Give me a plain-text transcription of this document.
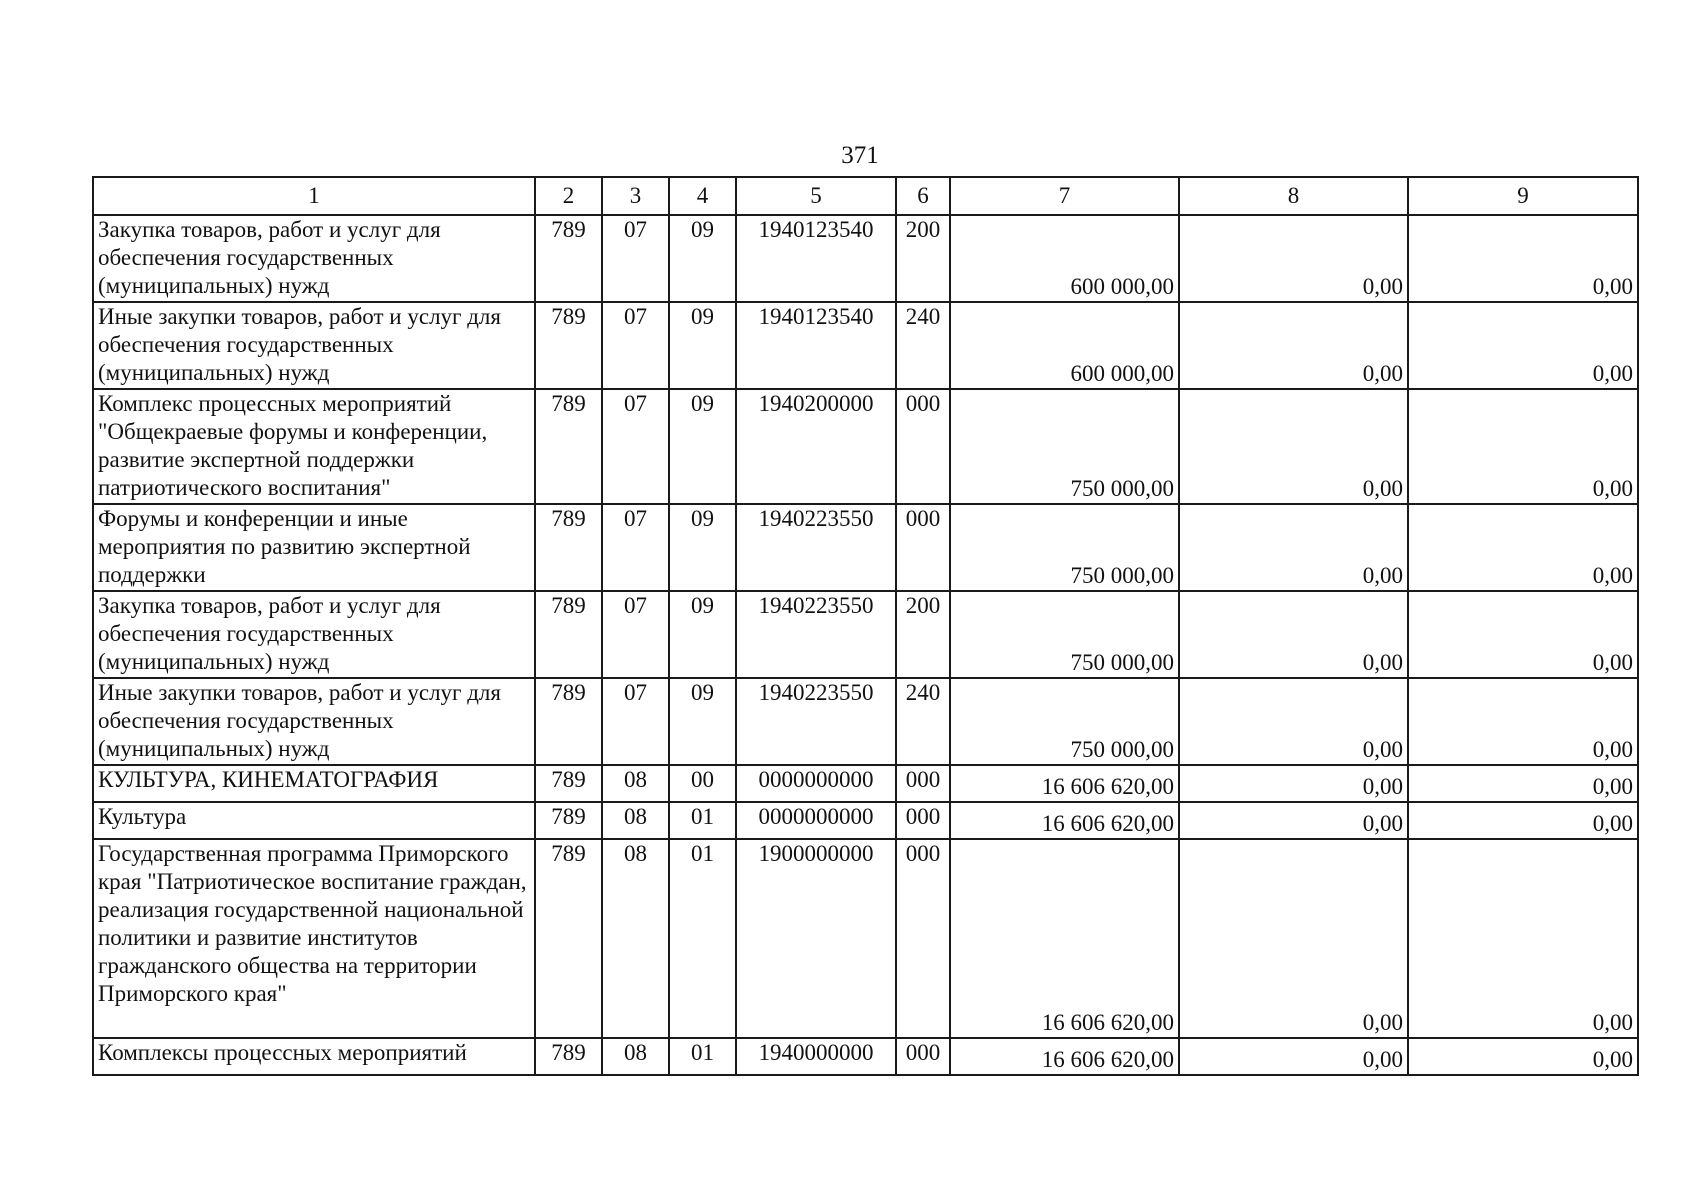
371
1	2	3	4	5	6	7	8	9
Закупка товаров, работ и услуг для обеспечения государственных (муниципальных) нужд	789	07	09	1940123540	200	600 000,00	0,00	0,00
Иные закупки товаров, работ и услуг для обеспечения государственных (муниципальных) нужд	789	07	09	1940123540	240	600 000,00	0,00	0,00
Комплекс процессных мероприятий "Общекраевые форумы и конференции, развитие экспертной поддержки патриотического воспитания"	789	07	09	1940200000	000	750 000,00	0,00	0,00
Форумы и конференции и иные мероприятия по развитию экспертной поддержки	789	07	09	1940223550	000	750 000,00	0,00	0,00
Закупка товаров, работ и услуг для обеспечения государственных (муниципальных) нужд	789	07	09	1940223550	200	750 000,00	0,00	0,00
Иные закупки товаров, работ и услуг для обеспечения государственных (муниципальных) нужд	789	07	09	1940223550	240	750 000,00	0,00	0,00
КУЛЬТУРА, КИНЕМАТОГРАФИЯ	789	08	00	0000000000	000	16 606 620,00	0,00	0,00
Культура	789	08	01	0000000000	000	16 606 620,00	0,00	0,00
Государственная программа Приморского края "Патриотическое воспитание граждан, реализация государственной национальной политики и развитие институтов гражданского общества на территории Приморского края"	789	08	01	1900000000	000	16 606 620,00	0,00	0,00
Комплексы процессных мероприятий	789	08	01	1940000000	000	16 606 620,00	0,00	0,00
